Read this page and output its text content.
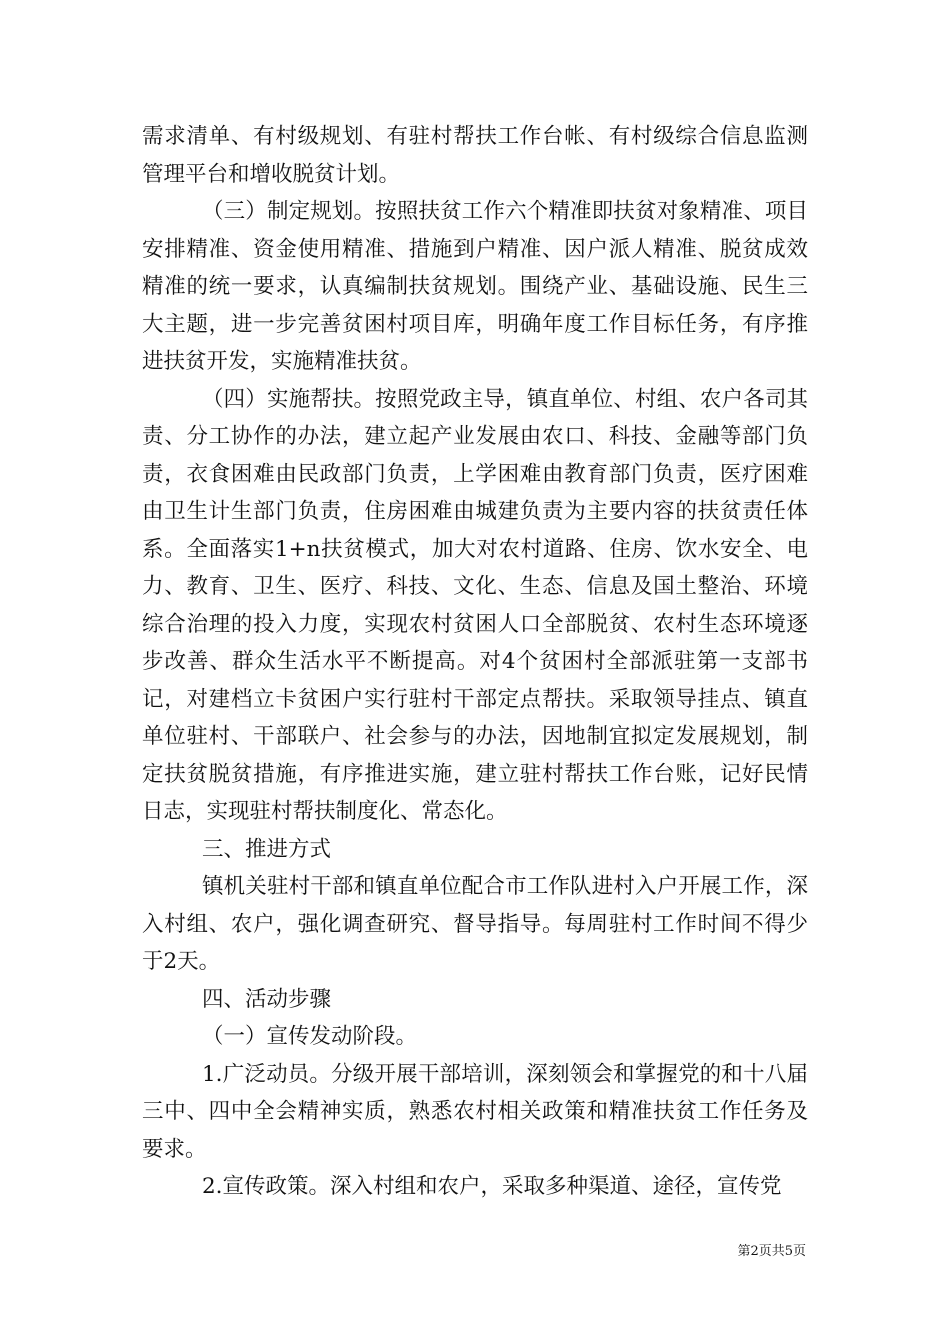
需求清单、有村级规划、有驻村帮扶工作台帐、有村级综合信息监测管理平台和增收脱贫计划。

（三）制定规划。按照扶贫工作六个精准即扶贫对象精准、项目安排精准、资金使用精准、措施到户精准、因户派人精准、脱贫成效精准的统一要求，认真编制扶贫规划。围绕产业、基础设施、民生三大主题，进一步完善贫困村项目库，明确年度工作目标任务，有序推进扶贫开发，实施精准扶贫。

（四）实施帮扶。按照党政主导，镇直单位、村组、农户各司其责、分工协作的办法，建立起产业发展由农口、科技、金融等部门负责，衣食困难由民政部门负责，上学困难由教育部门负责，医疗困难由卫生计生部门负责，住房困难由城建负责为主要内容的扶贫责任体系。全面落实1+n扶贫模式，加大对农村道路、住房、饮水安全、电力、教育、卫生、医疗、科技、文化、生态、信息及国土整治、环境综合治理的投入力度，实现农村贫困人口全部脱贫、农村生态环境逐步改善、群众生活水平不断提高。对4个贫困村全部派驻第一支部书记，对建档立卡贫困户实行驻村干部定点帮扶。采取领导挂点、镇直单位驻村、干部联户、社会参与的办法，因地制宜拟定发展规划，制定扶贫脱贫措施，有序推进实施，建立驻村帮扶工作台账，记好民情日志，实现驻村帮扶制度化、常态化。

三、推进方式

镇机关驻村干部和镇直单位配合市工作队进村入户开展工作，深入村组、农户，强化调查研究、督导指导。每周驻村工作时间不得少于2天。

四、活动步骤

（一）宣传发动阶段。

1.广泛动员。分级开展干部培训，深刻领会和掌握党的和十八届三中、四中全会精神实质，熟悉农村相关政策和精准扶贫工作任务及要求。

2.宣传政策。深入村组和农户，采取多种渠道、途径，宣传党

第2页共5页
